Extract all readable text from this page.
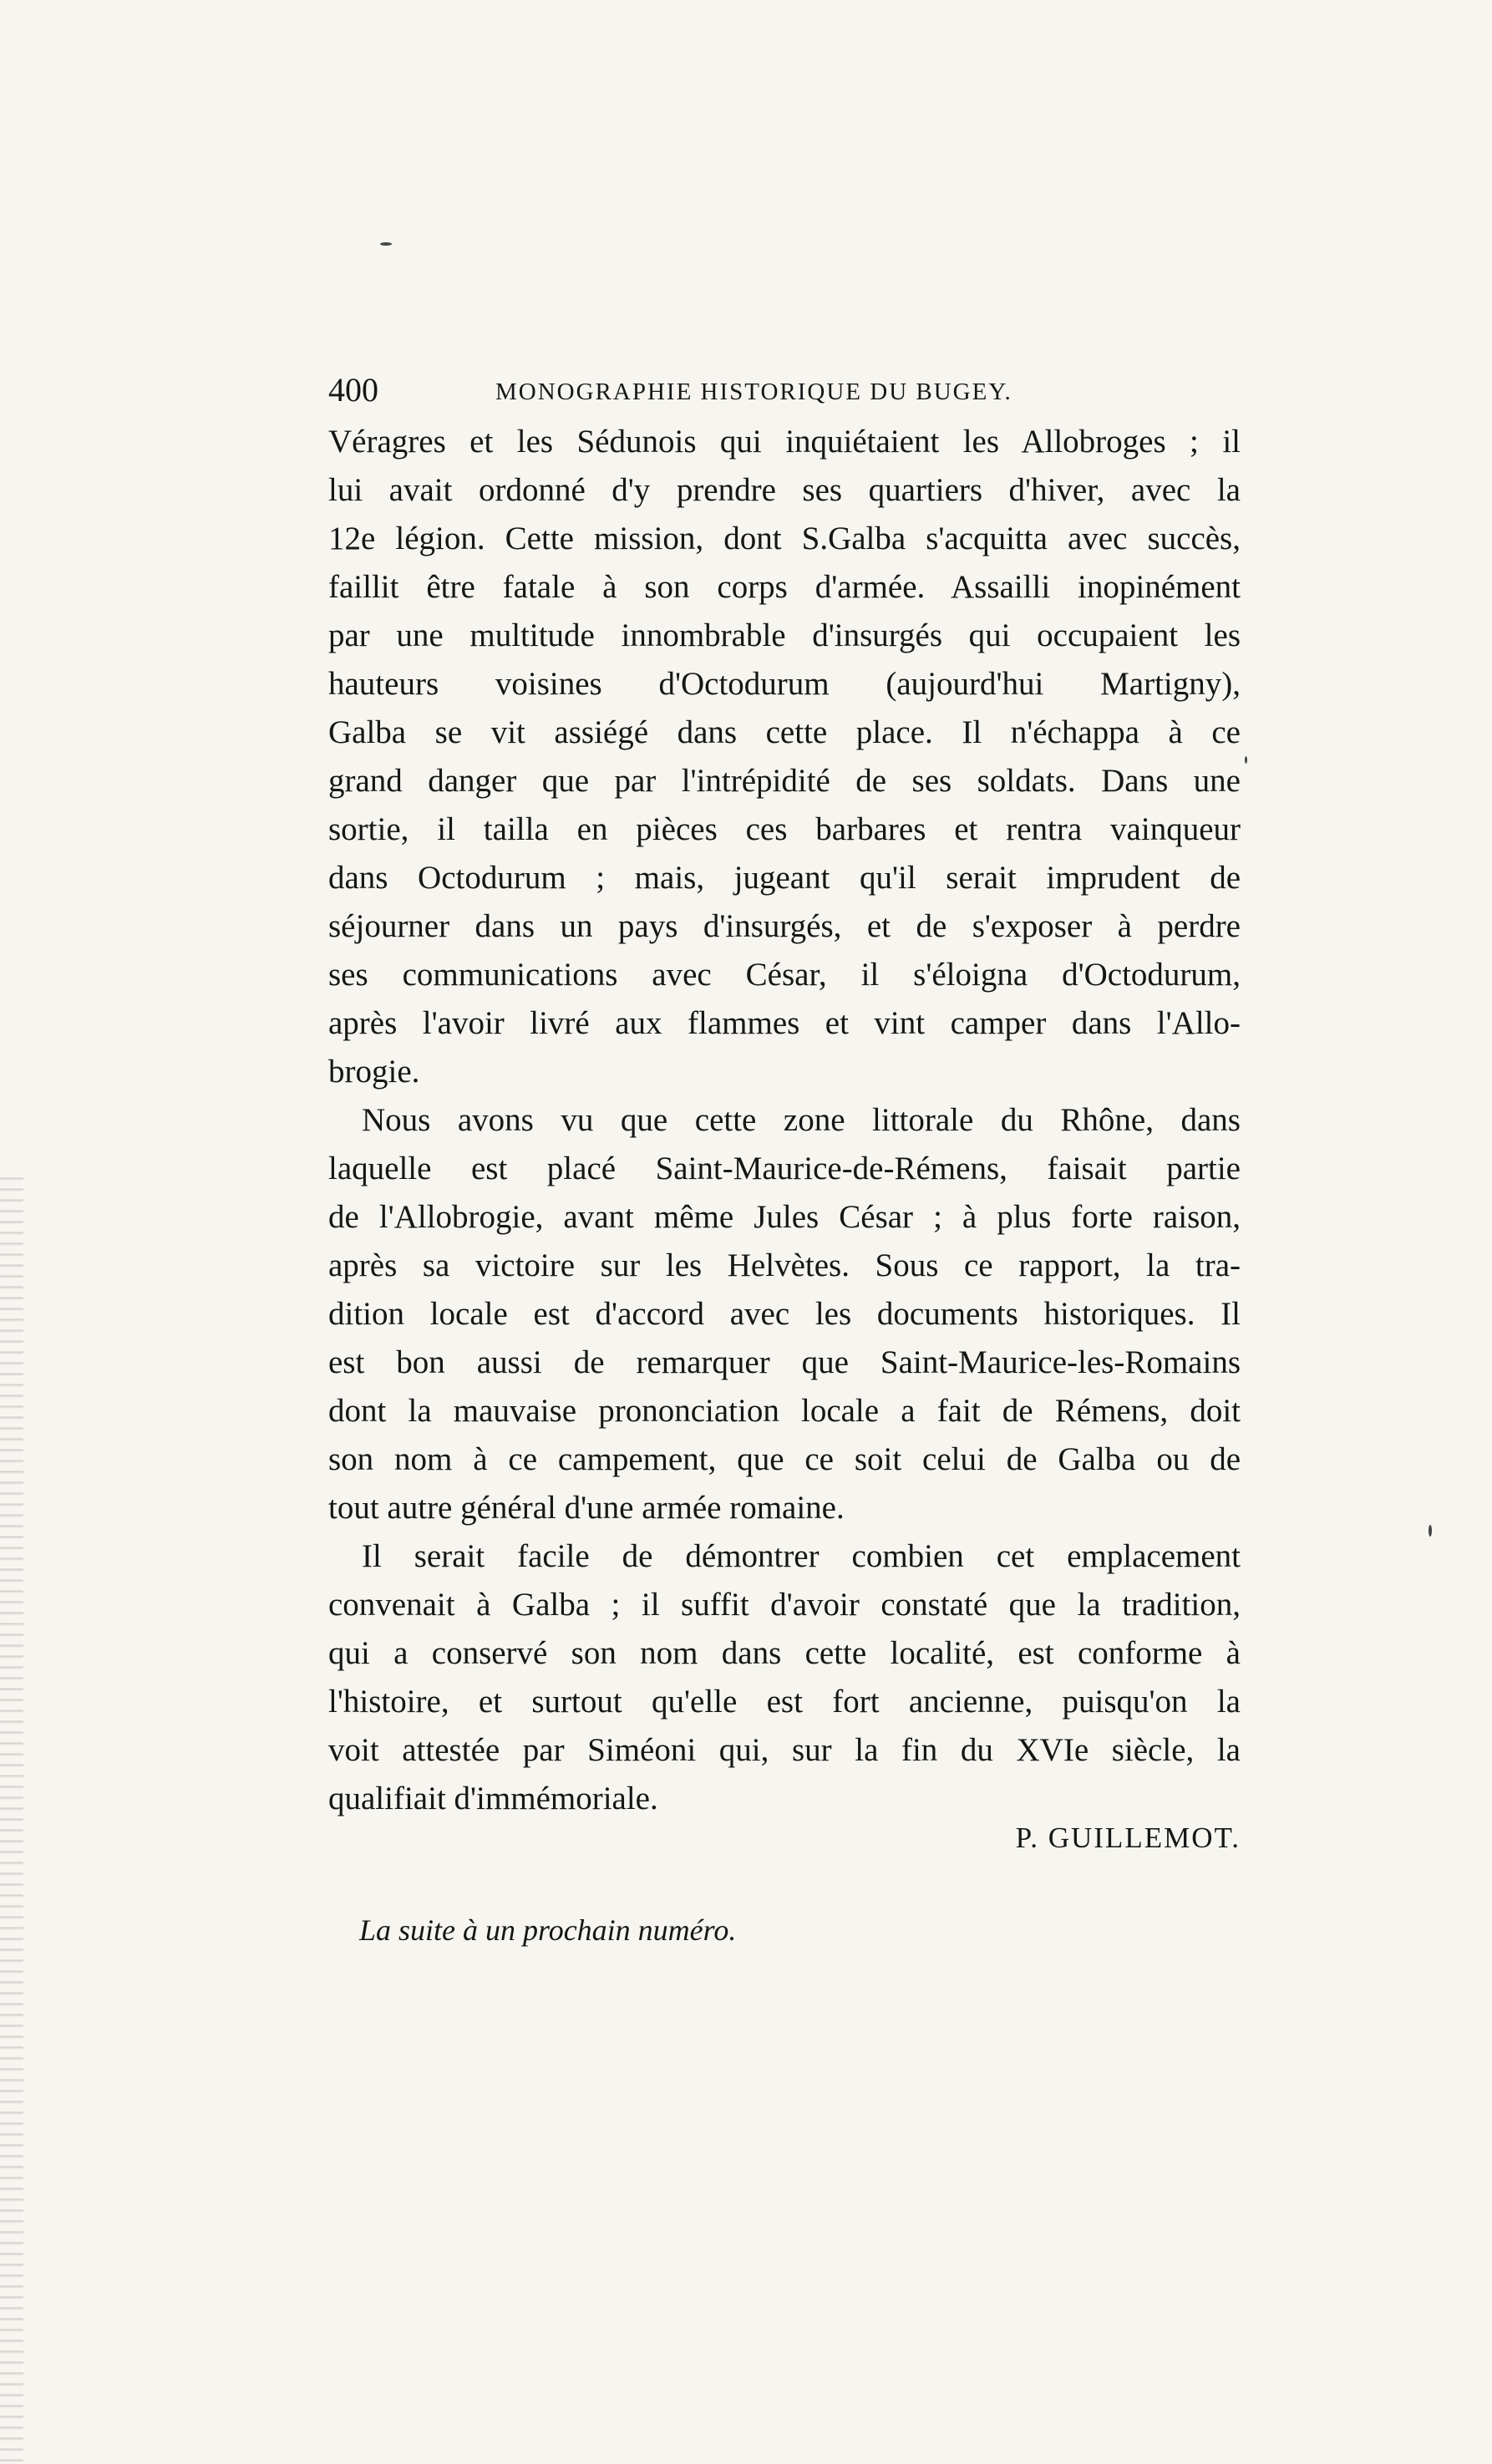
400	MONOGRAPHIE HISTORIQUE DU BUGEY.
Véragres et les Sédunois qui inquiétaient les Allobroges ; il
lui avait ordonné d'y prendre ses quartiers d'hiver, avec la
12e légion. Cette mission, dont S.Galba s'acquitta avec succès,
faillit être fatale à son corps d'armée. Assailli inopinément
par une multitude innombrable d'insurgés qui occupaient les
hauteurs voisines d'Octodurum (aujourd'hui Martigny),
Galba se vit assiégé dans cette place. Il n'échappa à ce
grand danger que par l'intrépidité de ses soldats. Dans une
sortie, il tailla en pièces ces barbares et rentra vainqueur
dans Octodurum ; mais, jugeant qu'il serait imprudent de
séjourner dans un pays d'insurgés, et de s'exposer à perdre
ses communications avec César, il s'éloigna d'Octodurum,
après l'avoir livré aux flammes et vint camper dans l'Allo-
brogie.
Nous avons vu que cette zone littorale du Rhône, dans
laquelle est placé Saint-Maurice-de-Rémens, faisait partie
de l'Allobrogie, avant même Jules César ; à plus forte raison,
après sa victoire sur les Helvètes. Sous ce rapport, la tra-
dition locale est d'accord avec les documents historiques. Il
est bon aussi de remarquer que Saint-Maurice-les-Romains
dont la mauvaise prononciation locale a fait de Rémens, doit
son nom à ce campement, que ce soit celui de Galba ou de
tout autre général d'une armée romaine.
Il serait facile de démontrer combien cet emplacement
convenait à Galba ; il suffit d'avoir constaté que la tradition,
qui a conservé son nom dans cette localité, est conforme à
l'histoire, et surtout qu'elle est fort ancienne, puisqu'on la
voit attestée par Siméoni qui, sur la fin du XVIe siècle, la
qualifiait d'immémoriale.
P. GUILLEMOT.
La suite à un prochain numéro.
